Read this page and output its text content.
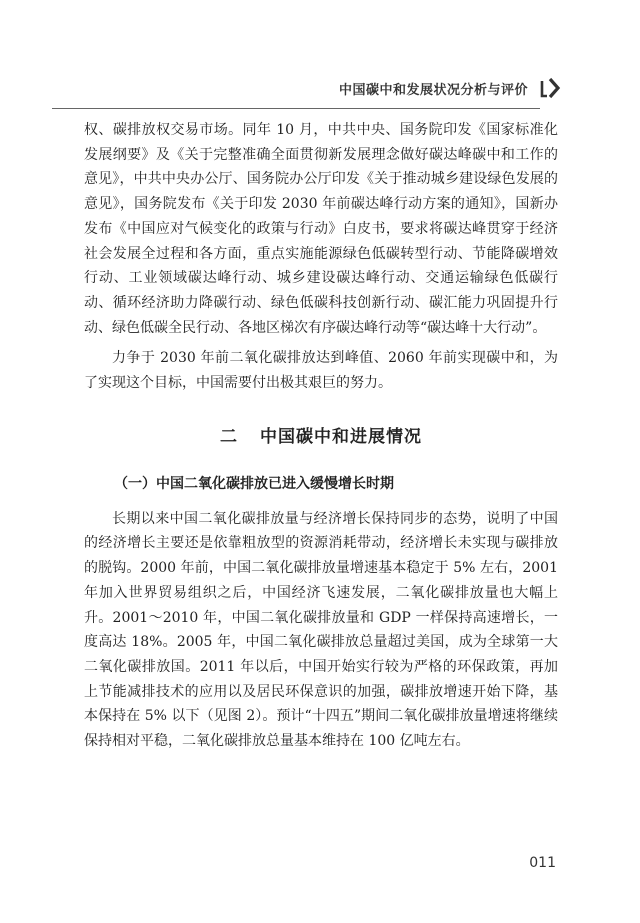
中国碳中和发展状况分析与评价

权、碳排放权交易市场。同年 10 月，中共中央、国务院印发《国家标准化发展纲要》及《关于完整准确全面贯彻新发展理念做好碳达峰碳中和工作的意见》，中共中央办公厅、国务院办公厅印发《关于推动城乡建设绿色发展的意见》，国务院发布《关于印发 2030 年前碳达峰行动方案的通知》，国新办发布《中国应对气候变化的政策与行动》白皮书，要求将碳达峰贯穿于经济社会发展全过程和各方面，重点实施能源绿色低碳转型行动、节能降碳增效行动、工业领域碳达峰行动、城乡建设碳达峰行动、交通运输绿色低碳行动、循环经济助力降碳行动、绿色低碳科技创新行动、碳汇能力巩固提升行动、绿色低碳全民行动、各地区梯次有序碳达峰行动等“碳达峰十大行动”。

力争于 2030 年前二氧化碳排放达到峰值、2060 年前实现碳中和，为了实现这个目标，中国需要付出极其艰巨的努力。

二 中国碳中和进展情况
（一）中国二氧化碳排放已进入缓慢增长时期

长期以来中国二氧化碳排放量与经济增长保持同步的态势，说明了中国的经济增长主要还是依靠粗放型的资源消耗带动，经济增长未实现与碳排放的脱钩。2000 年前，中国二氧化碳排放量增速基本稳定于 5% 左右，2001 年加入世界贸易组织之后，中国经济飞速发展，二氧化碳排放量也大幅上升。2001～2010 年，中国二氧化碳排放量和 GDP 一样保持高速增长，一度高达 18%。2005 年，中国二氧化碳排放总量超过美国，成为全球第一大二氧化碳排放国。2011 年以后，中国开始实行较为严格的环保政策，再加上节能减排技术的应用以及居民环保意识的加强，碳排放增速开始下降，基本保持在 5% 以下（见图 2）。预计“十四五”期间二氧化碳排放量增速将继续保持相对平稳，二氧化碳排放总量基本维持在 100 亿吨左右。

011
